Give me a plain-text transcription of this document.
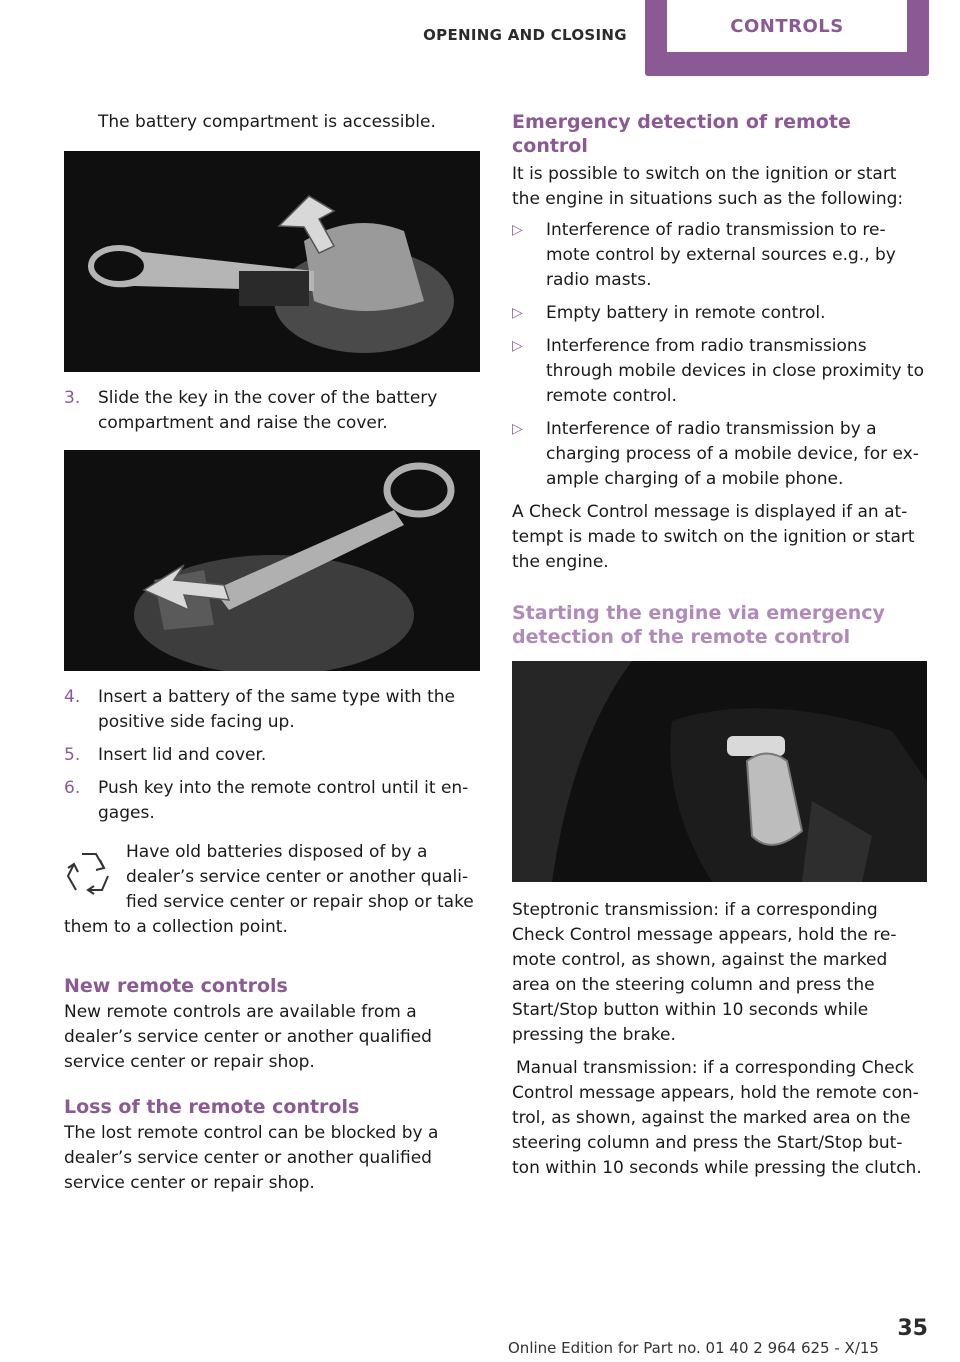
OPENING AND CLOSING	CONTROLS

The battery compartment is accessible.

3. Slide the key in the cover of the battery compartment and raise the cover.
4. Insert a battery of the same type with the positive side facing up.
5. Insert lid and cover.
6. Push key into the remote control until it en‐gages.

Have old batteries disposed of by a dealer’s service center or another quali‐fied service center or repair shop or take them to a collection point.

New remote controls

New remote controls are available from a dealer’s service center or another qualified service center or repair shop.

Loss of the remote controls

The lost remote control can be blocked by a dealer’s service center or another qualified service center or repair shop.

Emergency detection of remote control

It is possible to switch on the ignition or start the engine in situations such as the following:

▷ Interference of radio transmission to re‐mote control by external sources e.g., by radio masts.
▷ Empty battery in remote control.
▷ Interference from radio transmissions through mobile devices in close proximity to remote control.
▷ Interference of radio transmission by a charging process of a mobile device, for ex‐ample charging of a mobile phone.

A Check Control message is displayed if an at‐tempt is made to switch on the ignition or start the engine.

Starting the engine via emergency detection of the remote control

Steptronic transmission: if a corresponding Check Control message appears, hold the re‐mote control, as shown, against the marked area on the steering column and press the Start/Stop button within 10 seconds while pressing the brake.

Manual transmission: if a corresponding Check Control message appears, hold the remote con‐trol, as shown, against the marked area on the steering column and press the Start/Stop but‐ton within 10 seconds while pressing the clutch.

Online Edition for Part no. 01 40 2 964 625 - X/15
35
